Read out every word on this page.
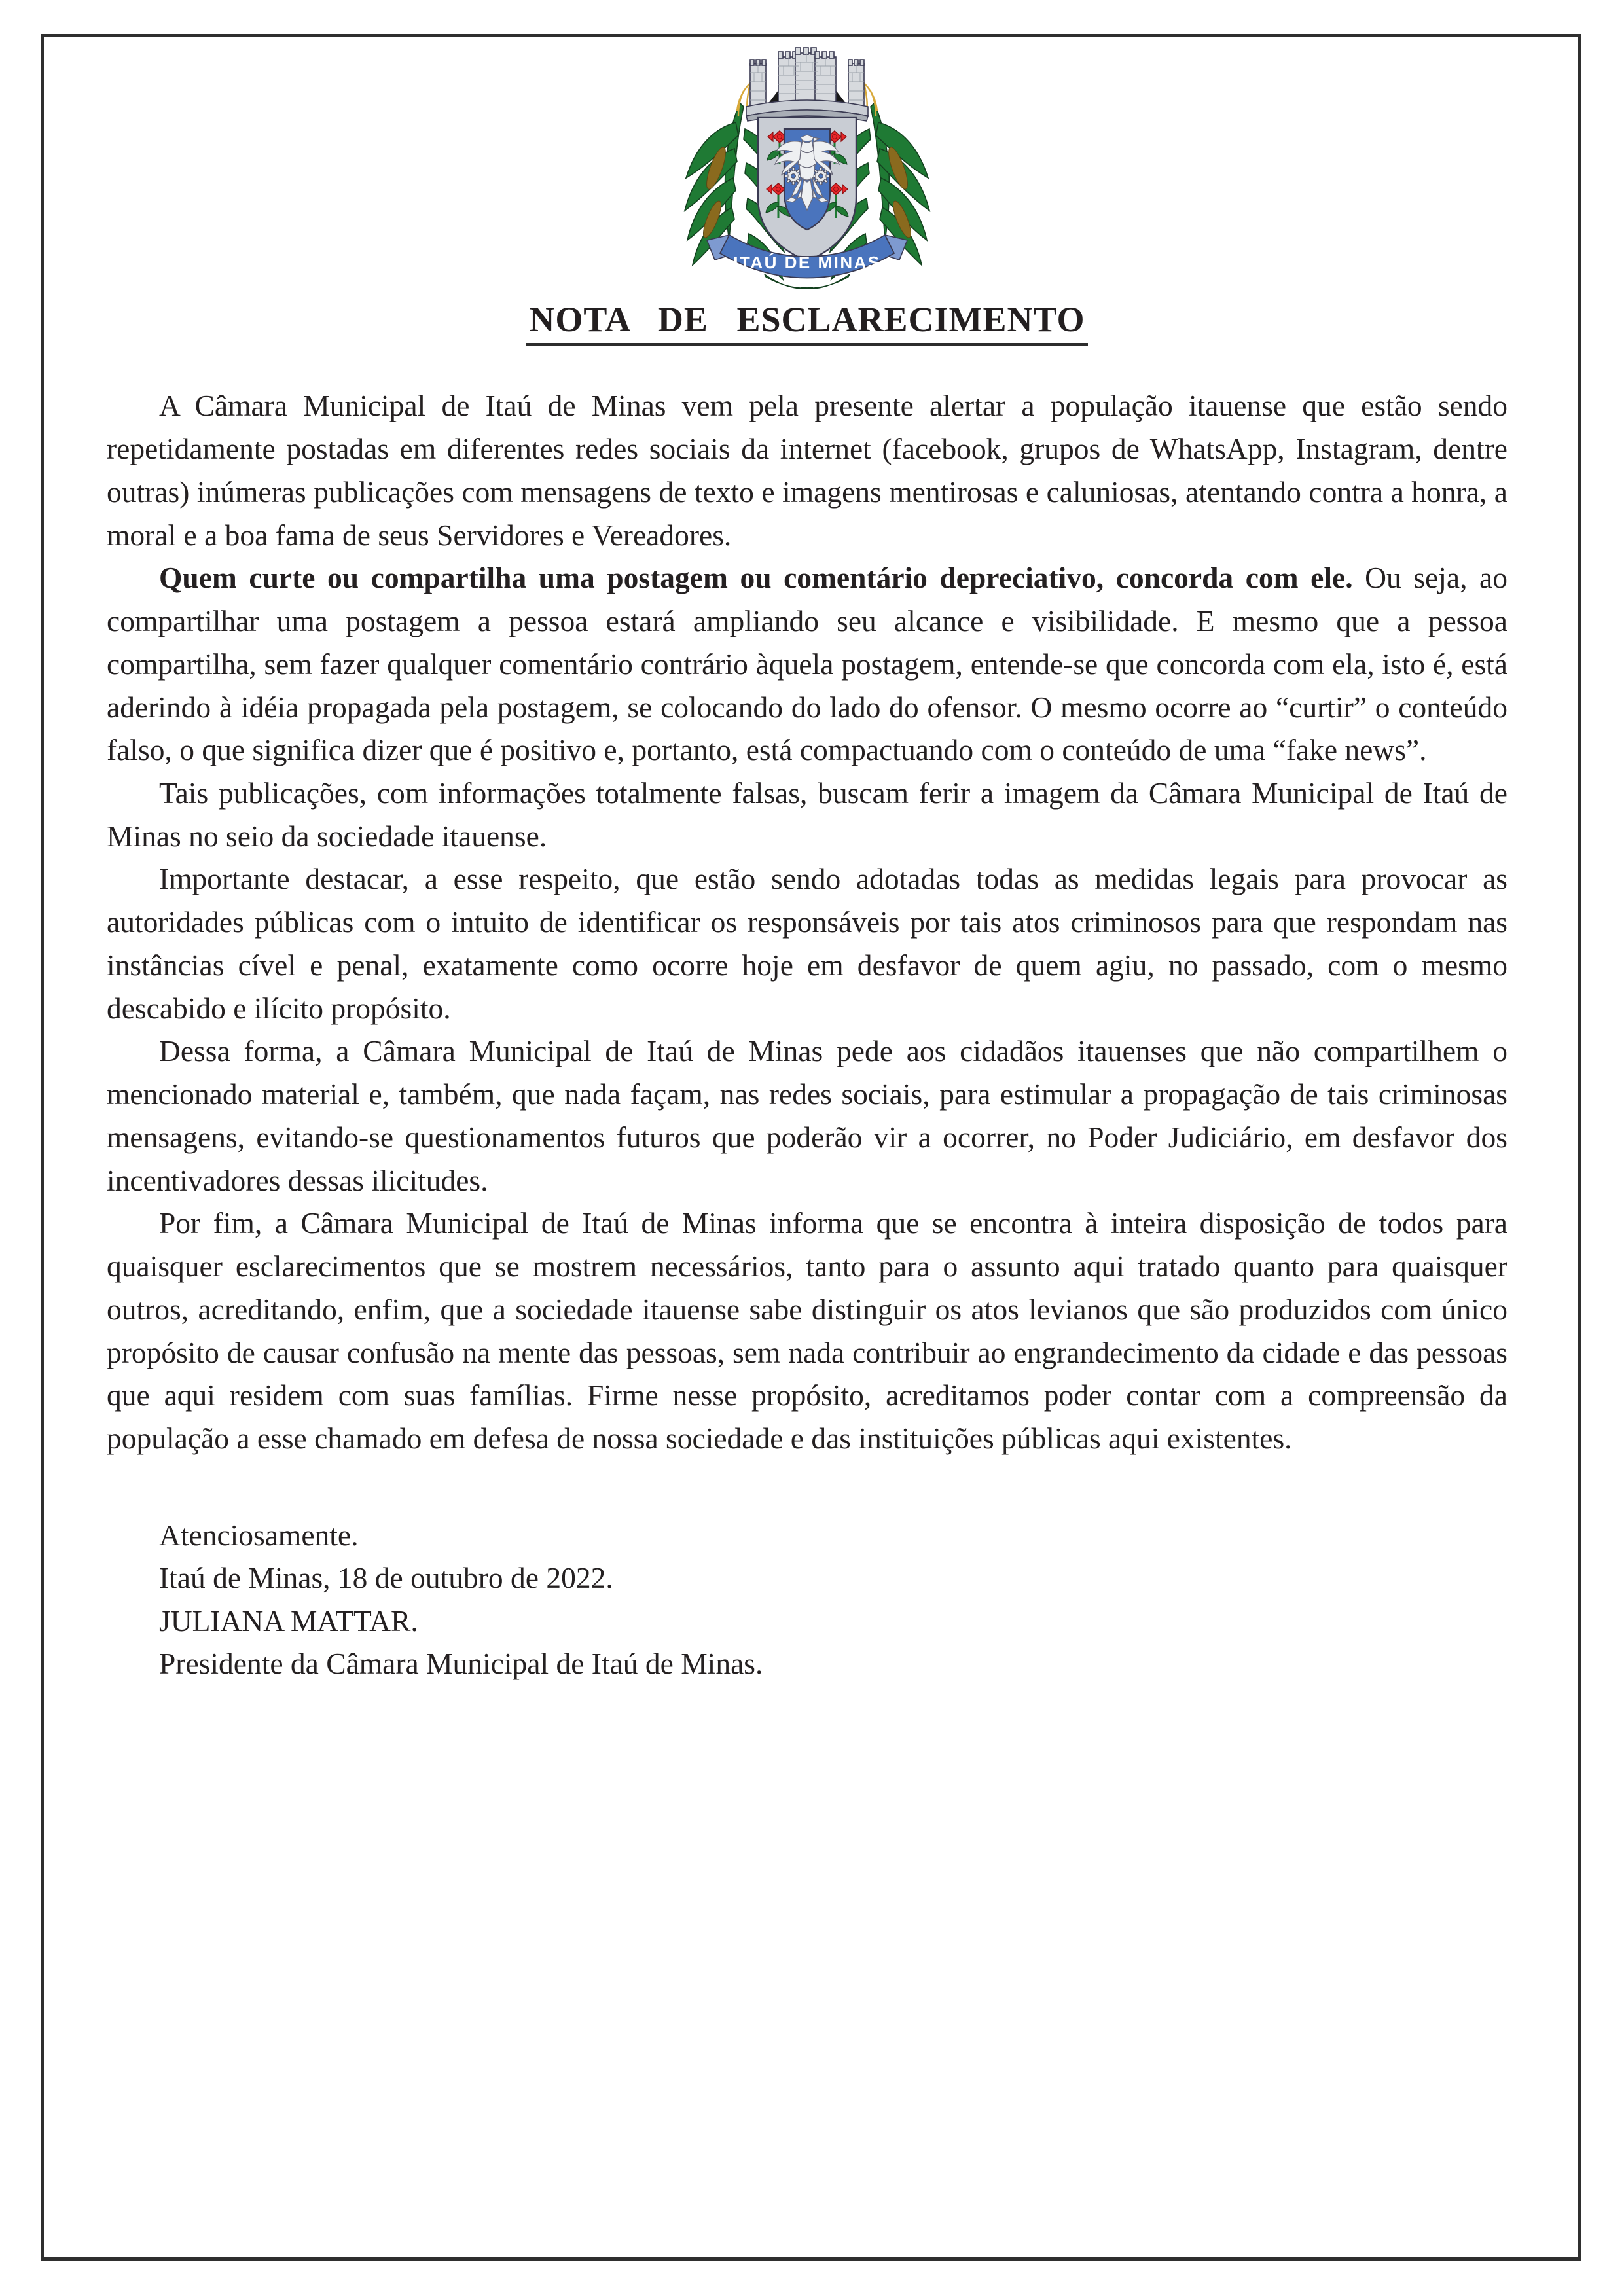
ITAÚ DE MINAS
NOTA   DE   ESCLARECIMENTO

A Câmara Municipal de Itaú de Minas vem pela presente alertar a população itauense que estão sendo repetidamente postadas em diferentes redes sociais da internet (facebook, grupos de WhatsApp, Instagram, dentre outras) inúmeras publicações com mensagens de texto e imagens mentirosas e caluniosas, atentando contra a honra, a moral e a boa fama de seus Servidores e Vereadores.

Quem curte ou compartilha uma postagem ou comentário depreciativo, concorda com ele. Ou seja, ao compartilhar uma postagem a pessoa estará ampliando seu alcance e visibilidade. E mesmo que a pessoa compartilha, sem fazer qualquer comentário contrário àquela postagem, entende-se que concorda com ela, isto é, está aderindo à idéia propagada pela postagem, se colocando do lado do ofensor. O mesmo ocorre ao “curtir” o conteúdo falso, o que significa dizer que é positivo e, portanto, está compactuando com o conteúdo de uma “fake news”.

Tais publicações, com informações totalmente falsas, buscam ferir a imagem da Câmara Municipal de Itaú de Minas no seio da sociedade itauense.

Importante destacar, a esse respeito, que estão sendo adotadas todas as medidas legais para provocar as autoridades públicas com o intuito de identificar os responsáveis por tais atos criminosos para que respondam nas instâncias cível e penal, exatamente como ocorre hoje em desfavor de quem agiu, no passado, com o mesmo descabido e ilícito propósito.

Dessa forma, a Câmara Municipal de Itaú de Minas pede aos cidadãos itauenses que não compartilhem o mencionado material e, também, que nada façam, nas redes sociais, para estimular a propagação de tais criminosas mensagens, evitando-se questionamentos futuros que poderão vir a ocorrer, no Poder Judiciário, em desfavor dos incentivadores dessas ilicitudes.

Por fim, a Câmara Municipal de Itaú de Minas informa que se encontra à inteira disposição de todos para quaisquer esclarecimentos que se mostrem necessários, tanto para o assunto aqui tratado quanto para quaisquer outros, acreditando, enfim, que a sociedade itauense sabe distinguir os atos levianos que são produzidos com único propósito de causar confusão na mente das pessoas, sem nada contribuir ao engrandecimento da cidade e das pessoas que aqui residem com suas famílias. Firme nesse propósito, acreditamos poder contar com a compreensão da população a esse chamado em defesa de nossa sociedade e das instituições públicas aqui existentes.

Atenciosamente.
Itaú de Minas, 18 de outubro de 2022.
JULIANA MATTAR.
Presidente da Câmara Municipal de Itaú de Minas.
